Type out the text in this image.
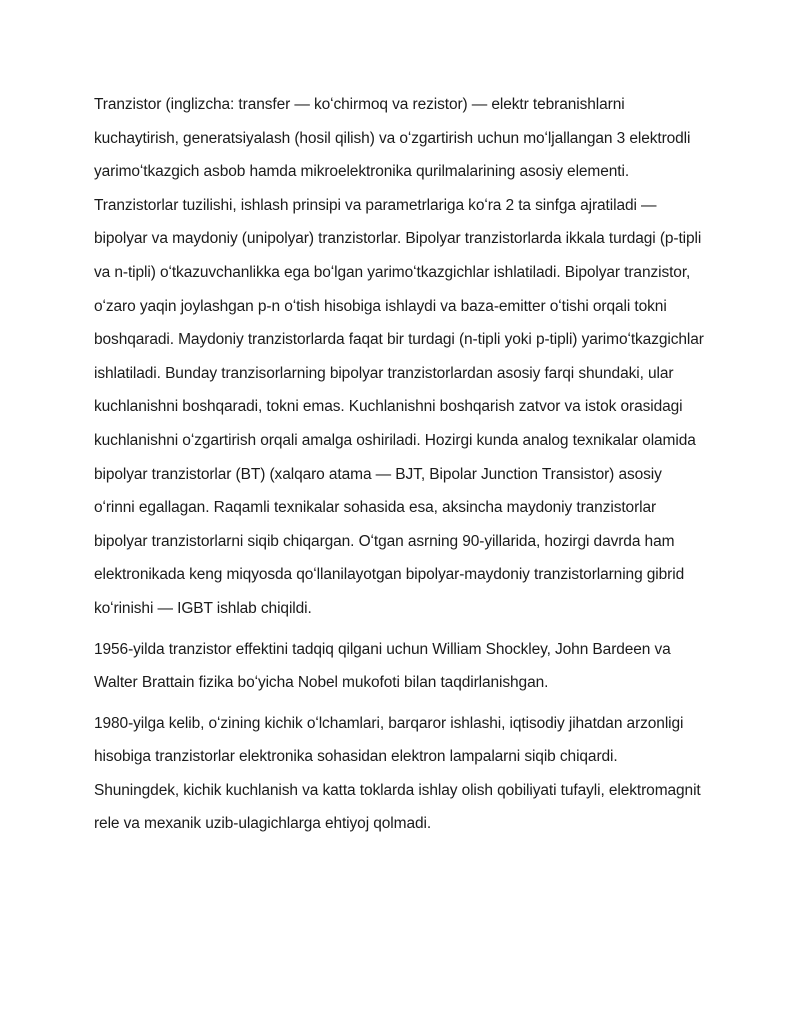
Tranzistor (inglizcha: transfer — koʻchirmoq va rezistor) — elektr tebranishlarni kuchaytirish, generatsiyalash (hosil qilish) va oʻzgartirish uchun moʻljallangan 3 elektrodli yarimoʻtkazgich asbob hamda mikroelektronika qurilmalarining asosiy elementi. Tranzistorlar tuzilishi, ishlash prinsipi va parametrlariga koʻra 2 ta sinfga ajratiladi — bipolyar va maydoniy (unipolyar) tranzistorlar. Bipolyar tranzistorlarda ikkala turdagi (p-tipli va n-tipli) oʻtkazuvchanlikka ega boʻlgan yarimoʻtkazgichlar ishlatiladi. Bipolyar tranzistor, oʻzaro yaqin joylashgan p-n oʻtish hisobiga ishlaydi va baza-emitter oʻtishi orqali tokni boshqaradi. Maydoniy tranzistorlarda faqat bir turdagi (n-tipli yoki p-tipli) yarimoʻtkazgichlar ishlatiladi. Bunday tranzisorlarning bipolyar tranzistorlardan asosiy farqi shundaki, ular kuchlanishni boshqaradi, tokni emas. Kuchlanishni boshqarish zatvor va istok orasidagi kuchlanishni oʻzgartirish orqali amalga oshiriladi. Hozirgi kunda analog texnikalar olamida bipolyar tranzistorlar (BT) (xalqaro atama — BJT, Bipolar Junction Transistor) asosiy oʻrinni egallagan. Raqamli texnikalar sohasida esa, aksincha maydoniy tranzistorlar bipolyar tranzistorlarni siqib chiqargan. Oʻtgan asrning 90-yillarida, hozirgi davrda ham elektronikada keng miqyosda qoʻllanilayotgan bipolyar-maydoniy tranzistorlarning gibrid koʻrinishi — IGBT ishlab chiqildi.

1956-yilda tranzistor effektini tadqiq qilgani uchun William Shockley, John Bardeen va Walter Brattain fizika boʻyicha Nobel mukofoti bilan taqdirlanishgan.

1980-yilga kelib, oʻzining kichik oʻlchamlari, barqaror ishlashi, iqtisodiy jihatdan arzonligi hisobiga tranzistorlar elektronika sohasidan elektron lampalarni siqib chiqardi. Shuningdek, kichik kuchlanish va katta toklarda ishlay olish qobiliyati tufayli, elektromagnit rele va mexanik uzib-ulagichlarga ehtiyoj qolmadi.
